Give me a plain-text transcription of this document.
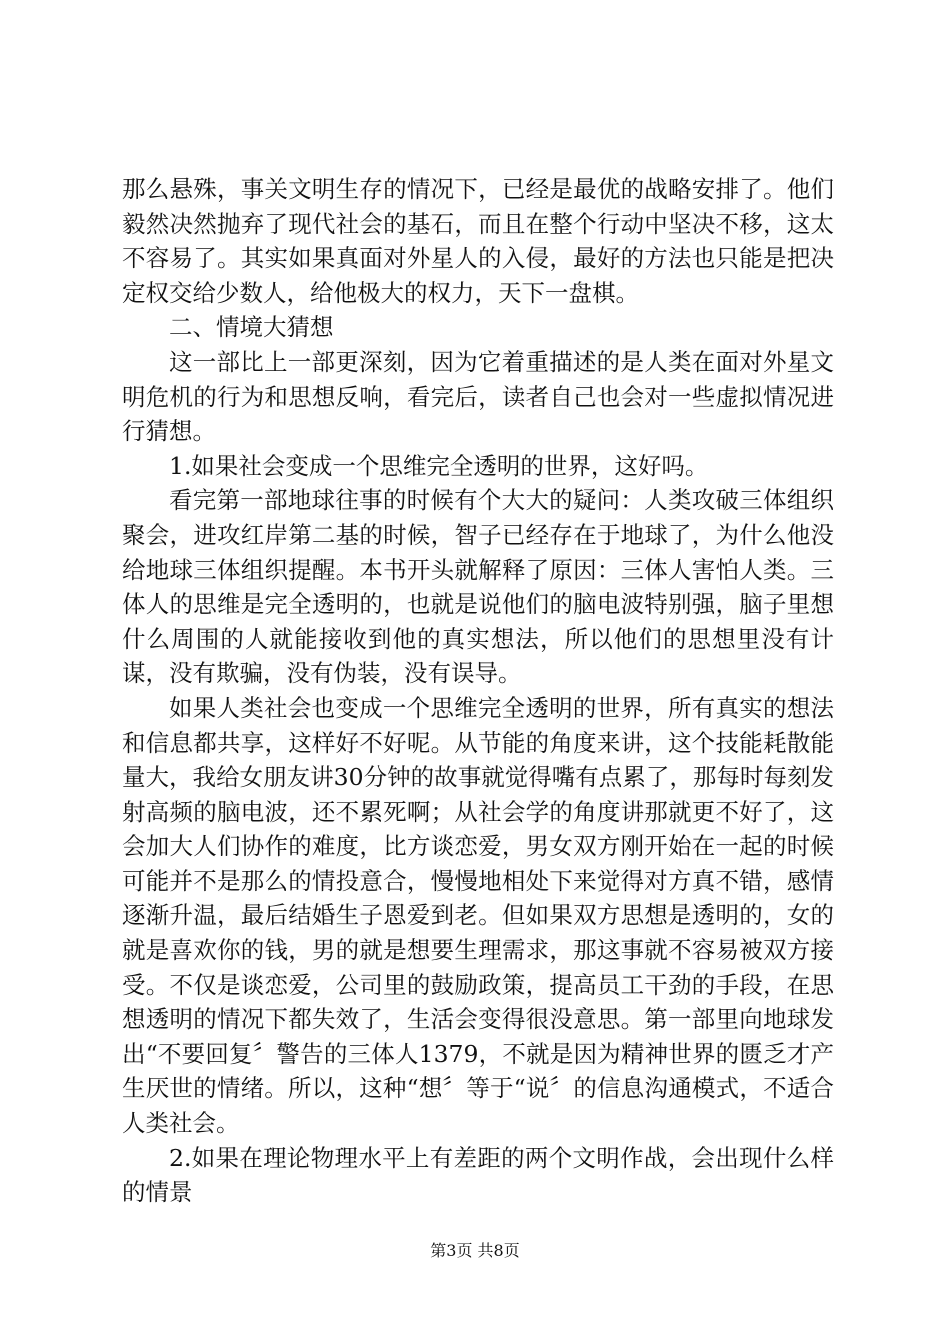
那么悬殊，事关文明生存的情况下，已经是最优的战略安排了。他们毅然决然抛弃了现代社会的基石，而且在整个行动中坚决不移，这太不容易了。其实如果真面对外星人的入侵，最好的方法也只能是把决定权交给少数人，给他极大的权力，天下一盘棋。

二、情境大猜想

这一部比上一部更深刻，因为它着重描述的是人类在面对外星文明危机的行为和思想反响，看完后，读者自己也会对一些虚拟情况进行猜想。

1.如果社会变成一个思维完全透明的世界，这好吗。

看完第一部地球往事的时候有个大大的疑问：人类攻破三体组织聚会，进攻红岸第二基的时候，智子已经存在于地球了，为什么他没给地球三体组织提醒。本书开头就解释了原因：三体人害怕人类。三体人的思维是完全透明的，也就是说他们的脑电波特别强，脑子里想什么周围的人就能接收到他的真实想法，所以他们的思想里没有计谋，没有欺骗，没有伪装，没有误导。

如果人类社会也变成一个思维完全透明的世界，所有真实的想法和信息都共享，这样好不好呢。从节能的角度来讲，这个技能耗散能量大，我给女朋友讲30分钟的故事就觉得嘴有点累了，那每时每刻发射高频的脑电波，还不累死啊；从社会学的角度讲那就更不好了，这会加大人们协作的难度，比方谈恋爱，男女双方刚开始在一起的时候可能并不是那么的情投意合，慢慢地相处下来觉得对方真不错，感情逐渐升温，最后结婚生子恩爱到老。但如果双方思想是透明的，女的就是喜欢你的钱，男的就是想要生理需求，那这事就不容易被双方接受。不仅是谈恋爱，公司里的鼓励政策，提高员工干劲的手段，在思想透明的情况下都失效了，生活会变得很没意思。第一部里向地球发出“不要回复〞警告的三体人1379，不就是因为精神世界的匮乏才产生厌世的情绪。所以，这种“想〞等于“说〞的信息沟通模式，不适合人类社会。

2.如果在理论物理水平上有差距的两个文明作战，会出现什么样的情景

第3页 共8页
